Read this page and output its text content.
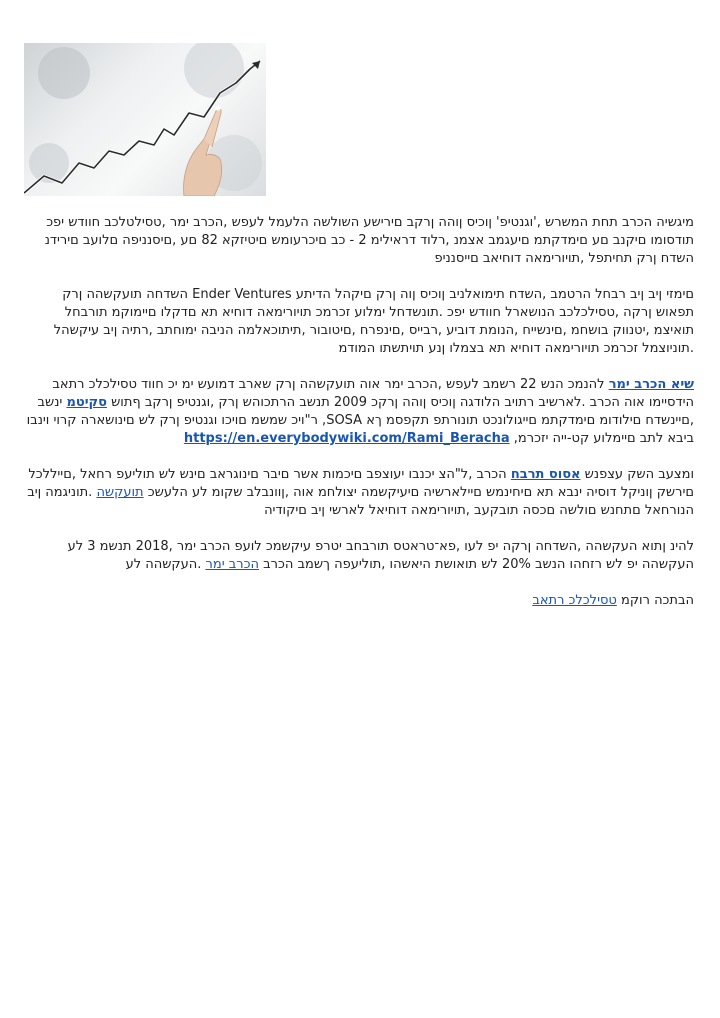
מיגשיה הכרב תחת המשרש ,'וגנטיפ' ןוכיס ןוהה ןרקב םירישע השולשה הלעמל לעפש ,הכרב ימר ,טסילטלכב חוודש יפכ תודסומו םיקנב םע םימדקתמ םיעגמב אצמנ ,רלוד דראילימ 2 - כב םיכרעומש םיטיזקא 82 םע ,םיסנניפה םלועב םירידנ השדח ןרק תחיתפל ,תויורימאה דוחיאב םייסנניפ

םימזי ןיב ןיב רבחל הרטמב ,השדח תימואלניב ןוכיס ןוה ןרק םיקהל הדיתע Ender Ventures השדחה תועקשהה ןרק תפאוש ןרקה ,טסילכלכב הנושארל חוודש יפכ .תונשדחל ימלוע זכרמכ תויורימאה דוחיא תא םדקלו םיימוקמ תורבחל תואיצמ ,יטנווק בושחמ ,םינשייח ,הנומת דוביע ,רבייס ,םינפרח ,םיטובור ,תיתוכאלמה הניבה ימוחתב ,רתיה ןיב עיקשהל .תוניוצמל זכרמכ תויורימאה דוחיא תא בצמלו ןנע תויתשתו המודמ

שיא הכרב ימר להנמכ הנש 22 רשמב לעפש ,הכרב ימר אוה תועקשהה ןרק שארב דמועש ימ יכ חווד טסילכלכ רתאב הידסיימו אוה הכרב .לארשיב רתויב הלודגה ןוכיס ןוהה ןרקכ 2009 תנשב הרתכוהש ןרק ,וגנטיפ ןרקב ףתוש סקיטמ ינשב ,םיינשדח םילודומ םימדקתמ םייגולונכט תונורתפ תקפסמ ךא SOSA, ר"ויכ שמשמ םויכו וגנטיפ ןרק לש םינושארה קרוי וינבו ביבא לתב םיימלוע קט-ייה יזכרמ, https://en.everybodywiki.com/Rami_Beracha

ומצעב השק עצפנש אסוס תרבח הכרב ,ל"הצ יכנבו יעוצפב םיכמות אשר םיבר םינוגראב םינש לש תוליעפ רחאל ,םייללכל םירשק ןוניקל דוסיה ינבא תא םיחינמש םיילארשיה םיעיקשמה יצולחמ אוה ,ןוונבלב שקומ לע הלעשכ תועקשה .תוניגמה ןיב הנורחאל םתחנש םולשה םכסה תובקעב ,תויורימאה דוחיאל לארשי ןיב םיקודיה

להינ ןתוא העקשהה ,השדחה ןרקה יפ לעו ,פא־טראטס תורבחב יטרפ עיקשמכ לועפ הכרב ימר ,2018 תנשמ 3 לע העקשהה יפ לש רזחהו הנשב 20% לש תואושת היאשהו ,תוליעפה ךשמב הכרב הכרב ימר .העקשהה לע

הבתכה רוקמ טסילכלכ רתאב
